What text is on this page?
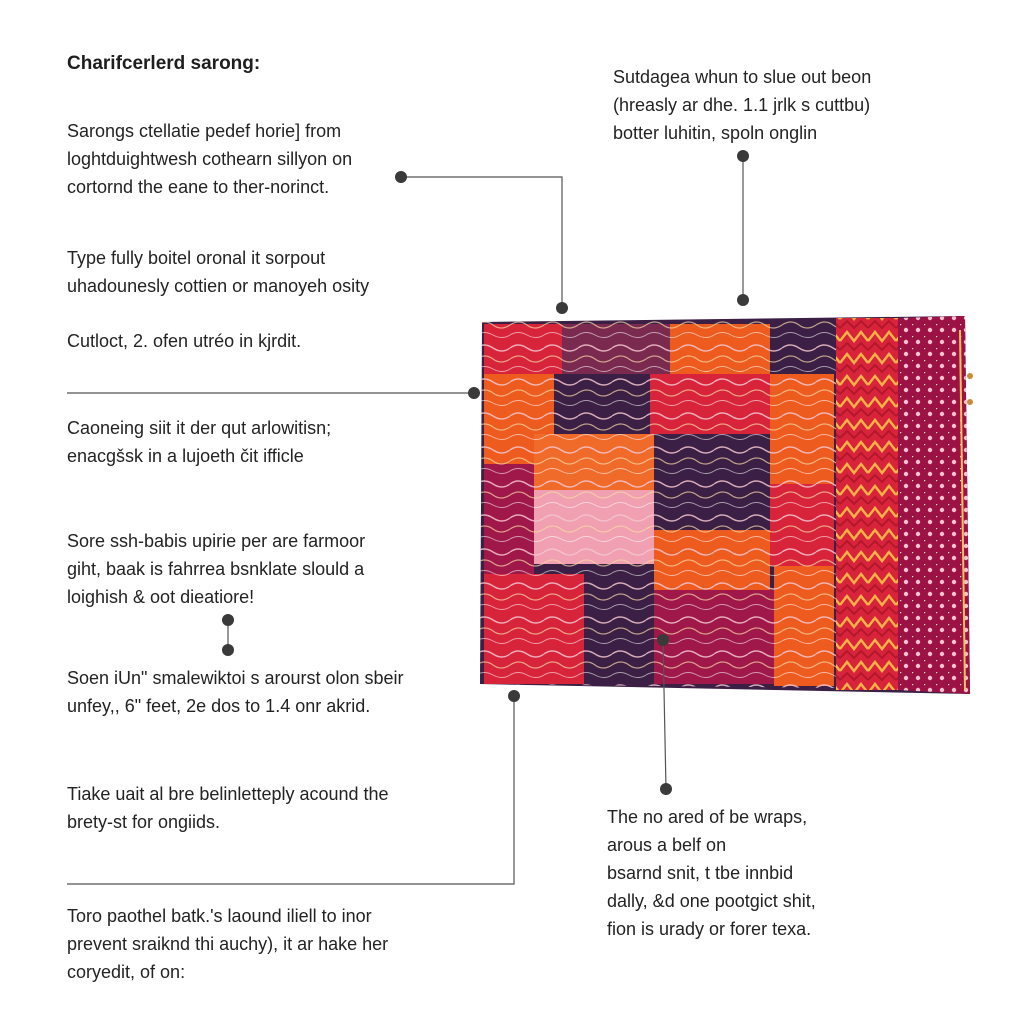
Charifcerlerd sarong:
Sarongs ctellatie pedef horie] from
loghtduightwesh cothearn sillyon on
cortornd the eane to ther‐norinct.
Type fully boitel oronal it sorpout
uhadounesly cottien or manoyeh osity
Cutloct, 2. ofen utréo in kjrdit.
Caoneing siit it der qut arlowitisn;
enacgšsk in a lujoeth čit ifficle
Sore ssh‐babis upirie per are farmoor
giht, baak is fahrrea bsnklate slould a
loighish & oot dieatiore!
Soen iUnʺ smalewiktoi s arourst olon sbeir
unfey,, 6" feet, 2e dos to 1.4 onr akrid.
Tiake uait al bre belinletteply acound the
brety‐st for ongiids.
Toro paothel batk.'s laound iliell to inor
prevent sraiknd thi auchy), it ar hake her
coryedit, of on:
Sutdagea whun to slue out beon
(hreasly ar dhe. 1.1 jrlk s cuttbu)
botter luhitin, spoln onglin
The no ared of be wraps,
arous a belf on
bsarnd snit, t tbe innbid
dally, &d one pootgict shit,
fion is urady or forer texa.
